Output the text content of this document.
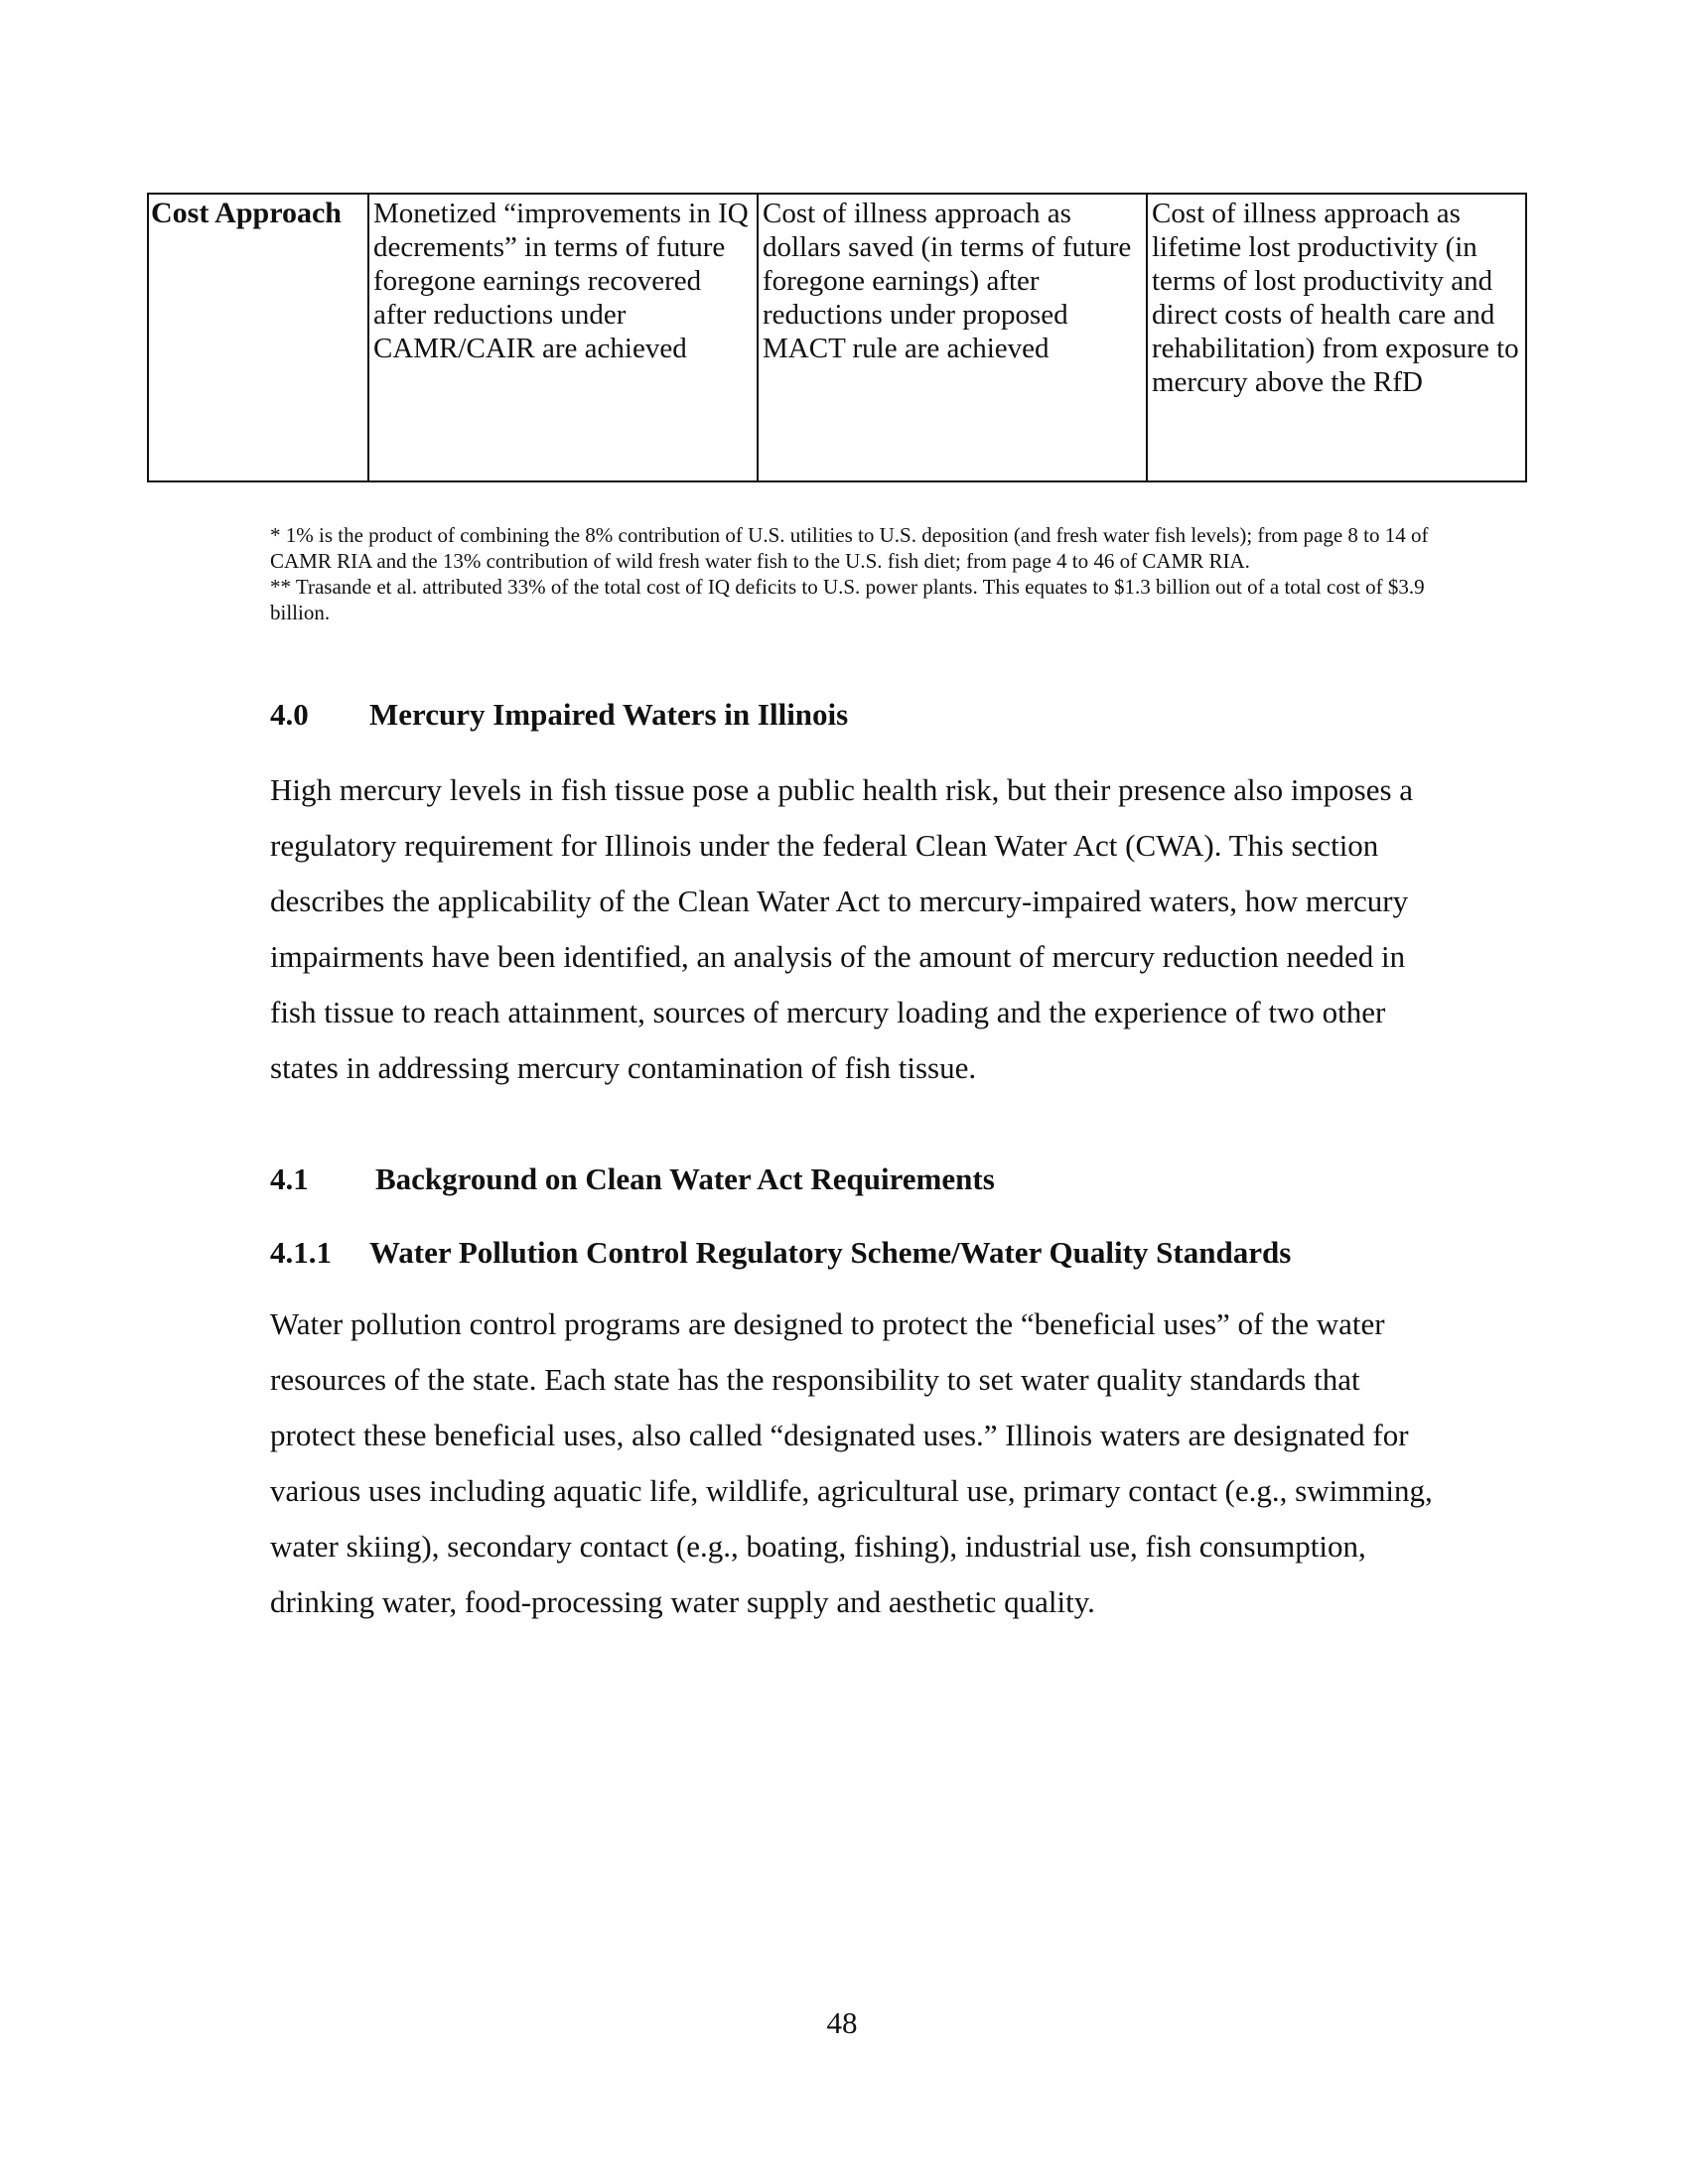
Cost Approach	Monetized “improvements in IQ decrements” in terms of future foregone earnings recovered after reductions under CAMR/CAIR are achieved	Cost of illness approach as dollars saved (in terms of future foregone earnings) after reductions under proposed MACT rule are achieved	Cost of illness approach as lifetime lost productivity (in terms of lost productivity and direct costs of health care and rehabilitation) from exposure to mercury above the RfD

* 1% is the product of combining the 8% contribution of U.S. utilities to U.S. deposition (and fresh water fish levels); from page 8 to 14 of CAMR RIA and the 13% contribution of wild fresh water fish to the U.S. fish diet; from page 4 to 46 of CAMR RIA.

** Trasande et al. attributed 33% of the total cost of IQ deficits to U.S. power plants. This equates to $1.3 billion out of a total cost of $3.9 billion.

4.0 Mercury Impaired Waters in Illinois

High mercury levels in fish tissue pose a public health risk, but their presence also imposes a regulatory requirement for Illinois under the federal Clean Water Act (CWA). This section describes the applicability of the Clean Water Act to mercury-impaired waters, how mercury impairments have been identified, an analysis of the amount of mercury reduction needed in fish tissue to reach attainment, sources of mercury loading and the experience of two other states in addressing mercury contamination of fish tissue.

4.1 Background on Clean Water Act Requirements
4.1.1 Water Pollution Control Regulatory Scheme/Water Quality Standards

Water pollution control programs are designed to protect the “beneficial uses” of the water resources of the state. Each state has the responsibility to set water quality standards that protect these beneficial uses, also called “designated uses.” Illinois waters are designated for various uses including aquatic life, wildlife, agricultural use, primary contact (e.g., swimming, water skiing), secondary contact (e.g., boating, fishing), industrial use, fish consumption, drinking water, food-processing water supply and aesthetic quality.

48
